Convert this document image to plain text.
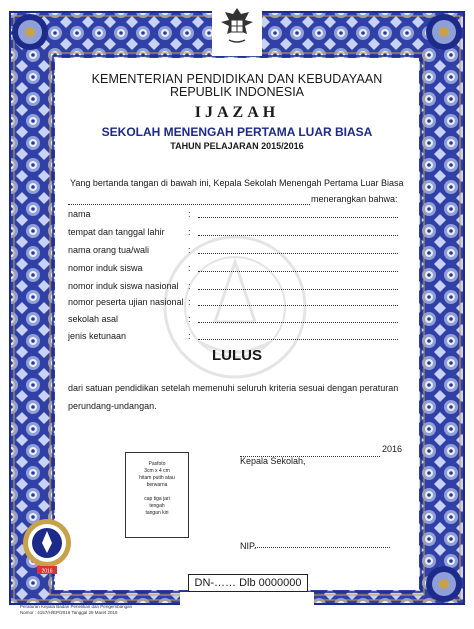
KEMENTERIAN PENDIDIKAN DAN KEBUDAYAAN
REPUBLIK INDONESIA
IJAZAH
SEKOLAH MENENGAH PERTAMA LUAR BIASA
TAHUN PELAJARAN 2015/2016
Yang bertanda tangan di bawah ini, Kepala Sekolah Menengah Pertama Luar Biasa
menerangkan bahwa:
nama	:
tempat dan tanggal lahir	:
nama orang tua/wali	:
nomor induk siswa	:
nomor induk siswa nasional :
nomor peserta ujian nasional :
sekolah asal	:
jenis ketunaan	:
LULUS
dari satuan pendidikan setelah memenuhi seluruh kriteria sesuai dengan peraturan
perundang-undangan.
2016
Kepala Sekolah,
Pasfoto
3cm x 4 cm
hitam putih atau
berwarna

cap tiga jari
tengah
tangan kiri
NIP.
2016
DN-…… Dlb 0000000
Peraturan Kepala Badan Penelitian dan Pengembangan
Nomor : 4157/H/EP/2016 Tanggal 29 Maret 2016
